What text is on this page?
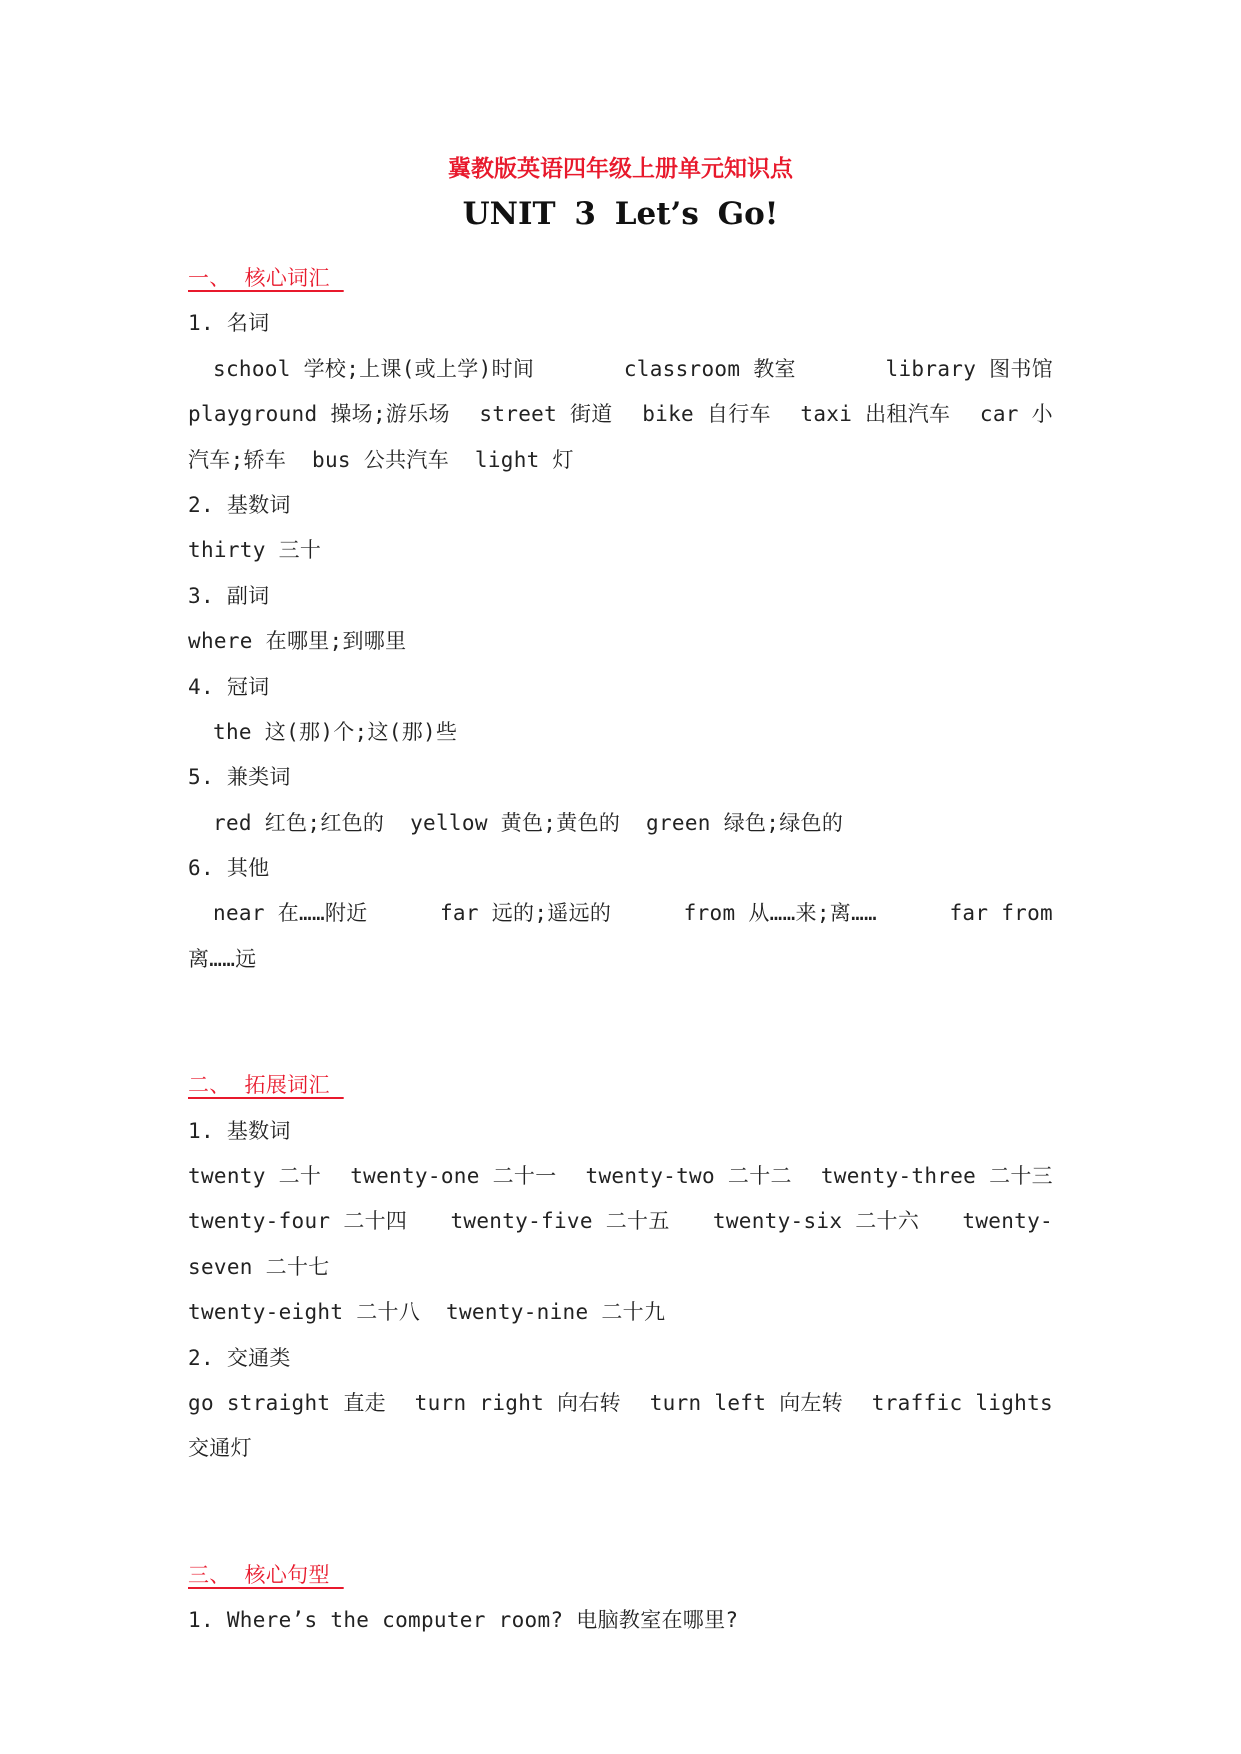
冀教版英语四年级上册单元知识点
UNIT 3 Let’s Go!
一、  核心词汇
1. 名词
school 学校;上课(或上学)时间	classroom 教室	library 图书馆
playground 操场;游乐场 street 街道 bike 自行车 taxi 出租汽车 car 小
汽车;轿车  bus 公共汽车  light 灯
2. 基数词
thirty 三十
3. 副词
where 在哪里;到哪里
4. 冠词
the 这(那)个;这(那)些
5. 兼类词
red 红色;红色的  yellow 黄色;黄色的  green 绿色;绿色的
6. 其他
near 在……附近	far 远的;遥远的	from 从……来;离……	far from
离……远
二、  拓展词汇
1. 基数词
twenty 二十 twenty-one 二十一 twenty-two 二十二 twenty-three 二十三
twenty-four 二十四 twenty-five 二十五 twenty-six 二十六 twenty-
seven 二十七
twenty-eight 二十八  twenty-nine 二十九
2. 交通类
go straight 直走 turn right 向右转 turn left 向左转 traffic lights
交通灯
三、  核心句型
1. Where’s the computer room? 电脑教室在哪里?
